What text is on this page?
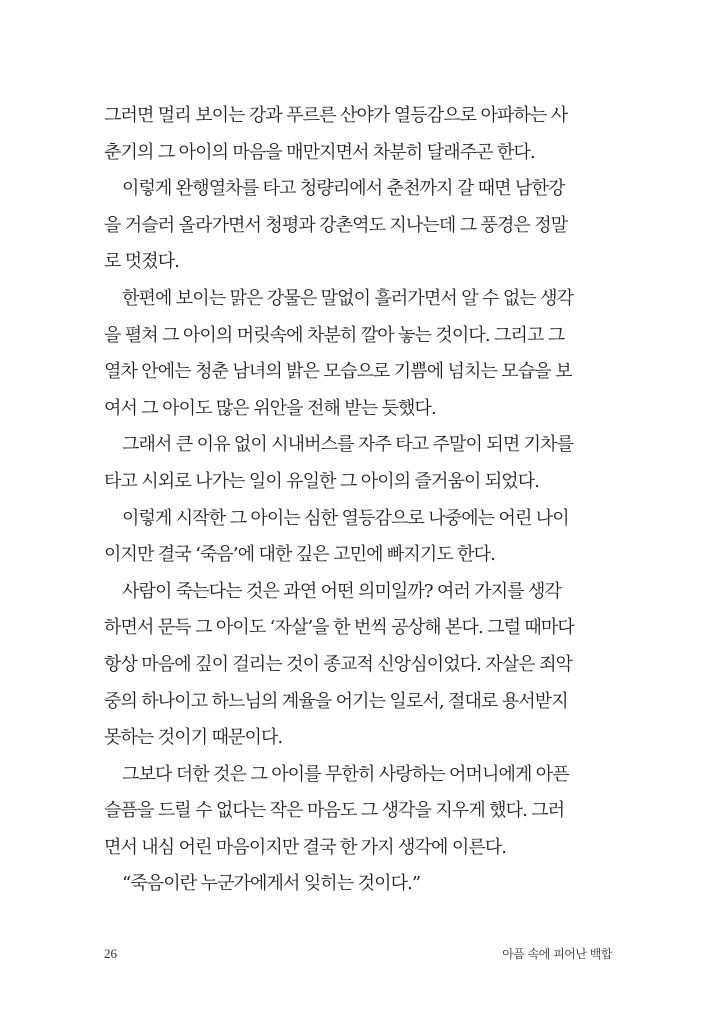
그러면 멀리 보이는 강과 푸르른 산야가 열등감으로 아파하는 사
춘기의 그 아이의 마음을 매만지면서 차분히 달래주곤 한다.
이렇게 완행열차를 타고 청량리에서 춘천까지 갈 때면 남한강
을 거슬러 올라가면서 청평과 강촌역도 지나는데 그 풍경은 정말
로 멋졌다.
한편에 보이는 맑은 강물은 말없이 흘러가면서 알 수 없는 생각
을 펼쳐 그 아이의 머릿속에 차분히 깔아 놓는 것이다. 그리고 그
열차 안에는 청춘 남녀의 밝은 모습으로 기쁨에 넘치는 모습을 보
여서 그 아이도 많은 위안을 전해 받는 듯했다.
그래서 큰 이유 없이 시내버스를 자주 타고 주말이 되면 기차를
타고 시외로 나가는 일이 유일한 그 아이의 즐거움이 되었다.
이렇게 시작한 그 아이는 심한 열등감으로 나중에는 어린 나이
이지만 결국 ‘죽음’에 대한 깊은 고민에 빠지기도 한다.
사람이 죽는다는 것은 과연 어떤 의미일까? 여러 가지를 생각
하면서 문득 그 아이도 ‘자살’을 한 번씩 공상해 본다. 그럴 때마다
항상 마음에 깊이 걸리는 것이 종교적 신앙심이었다. 자살은 죄악
중의 하나이고 하느님의 계율을 어기는 일로서, 절대로 용서받지
못하는 것이기 때문이다.
그보다 더한 것은 그 아이를 무한히 사랑하는 어머니에게 아픈
슬픔을 드릴 수 없다는 작은 마음도 그 생각을 지우게 했다. 그러
면서 내심 어린 마음이지만 결국 한 가지 생각에 이른다.
“죽음이란 누군가에게서 잊히는 것이다.”
26	아픔 속에 피어난 백합
